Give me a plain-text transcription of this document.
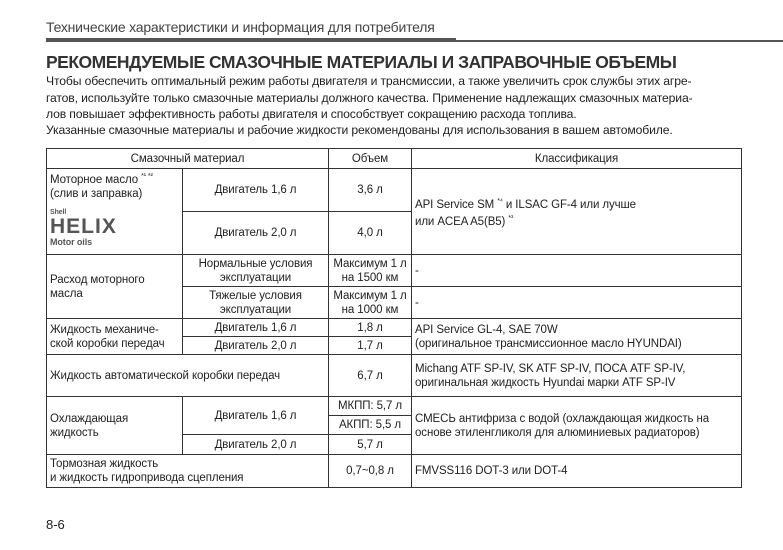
Технические характеристики и информация для потребителя
РЕКОМЕНДУЕМЫЕ СМАЗОЧНЫЕ МАТЕРИАЛЫ И ЗАПРАВОЧНЫЕ ОБЪЕМЫ
Чтобы обеспечить оптимальный режим работы двигателя и трансмиссии, а также увеличить срок службы этих агре-
гатов, используйте только смазочные материалы должного качества. Применение надлежащих смазочных материа-
лов повышает эффективность работы двигателя и способствует сокращению расхода топлива.
Указанные смазочные материалы и рабочие жидкости рекомендованы для использования в вашем автомобиле.
Смазочный материал		Объем	Классификация
Моторное масло $^{*^1 *^2}$
(слив и заправка)
Shell
HELIX
Motor oils	Двигатель 1,6 л	3,6 л	API Service SM $^{*^4}$ и ILSAC GF-4 или лучше
или ACEA A5(B5) $^{*^3}$
	Двигатель 2,0 л	4,0 л	
Расход моторного масла	Нормальные условия эксплуатации	Максимум 1 л на 1500 км	-
	Тяжелые условия эксплуатации	Максимум 1 л на 1000 км	-
Жидкость механиче-ской коробки передач	Двигатель 1,6 л	1,8 л	API Service GL-4, SAE 70W
(оригинальное трансмиссионное масло HYUNDAI)
	Двигатель 2,0 л	1,7 л	
Жидкость автоматической коробки передач		6,7 л	Michang ATF SP-IV, SK ATF SP-IV, ПОСА ATF SP-IV,
оригинальная жидкость Hyundai марки ATF SP-IV
Охлаждающая жидкость	Двигатель 1,6 л	МКПП: 5,7 л	СМЕСЬ антифриза с водой (охлаждающая жидкость на
основе этиленгликоля для алюминиевых радиаторов)
		АКПП: 5,5 л	
	Двигатель 2,0 л	5,7 л	
Тормозная жидкость
и жидкость гидропривода сцепления		0,7~0,8 л	FMVSS116 DOT-3 или DOT-4
8-6
